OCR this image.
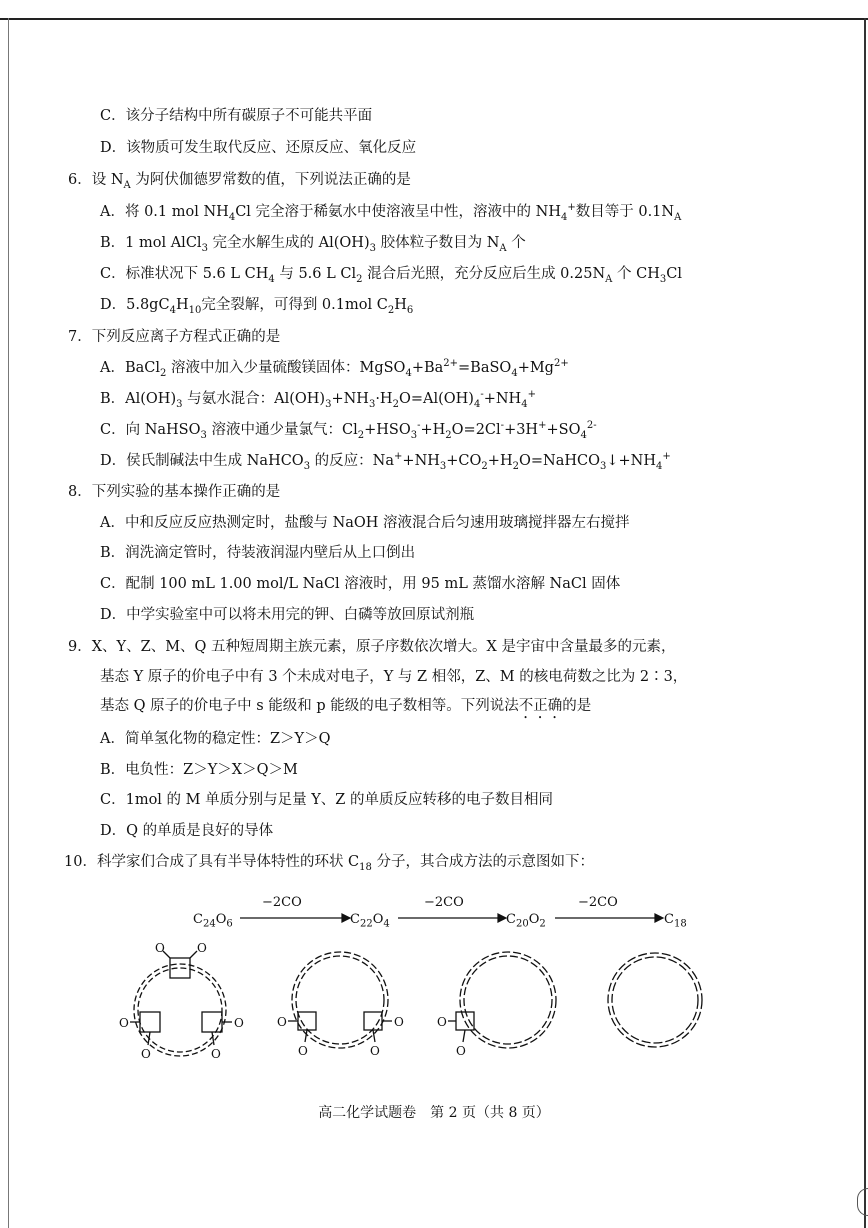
C．该分子结构中所有碳原子不可能共平面
D．该物质可发生取代反应、还原反应、氧化反应
6．设 $N_A$ 为阿伏伽德罗常数的值，下列说法正确的是
A．将 0.1 mol $NH_4Cl$ 完全溶于稀氨水中使溶液呈中性，溶液中的 $NH_4^+$数目等于 $0.1N_A$
B．1 mol AlCl$_3$ 完全水解生成的 $Al(OH)_3$ 胶体粒子数目为 $N_A$ 个
C．标准状况下 5.6 L $CH_4$ 与 5.6 L $Cl_2$ 混合后光照，充分反应后生成 $0.25N_A$ 个 $CH_3Cl$
D．$5.8gC_4H_{10}$完全裂解，可得到 0.1mol $C_2H_6$
7．下列反应离子方程式正确的是
A．BaCl$_2$ 溶液中加入少量硫酸镁固体：$MgSO_4+Ba^{2+}=BaSO_4+Mg^{2+}$
B．$Al(OH)_3$ 与氨水混合：$Al(OH)_3+NH_3\cdot H_2O=Al(OH)_4^-+NH_4^+$
C．向 NaHSO$_3$ 溶液中通少量氯气：$Cl_2+HSO_3^-+H_2O=2Cl^-+3H^++SO_4^{2-}$
D．侯氏制碱法中生成 NaHCO$_3$ 的反应：$Na^++NH_3+CO_2+H_2O=NaHCO_3↓+NH_4^+$
8．下列实验的基本操作正确的是
A．中和反应反应热测定时，盐酸与 NaOH 溶液混合后匀速用玻璃搅拌器左右搅拌
B．润洗滴定管时，待装液润湿内壁后从上口倒出
C．配制 100 mL 1.00 mol/L NaCl 溶液时，用 95 mL 蒸馏水溶解 NaCl 固体
D．中学实验室中可以将未用完的钾、白磷等放回原试剂瓶
9．X、Y、Z、M、Q 五种短周期主族元素，原子序数依次增大。X 是宇宙中含量最多的元素，
基态 Y 原子的价电子中有 3 个未成对电子，Y 与 Z 相邻，Z、M 的核电荷数之比为 2∶3，
基态 Q 原子的价电子中 s 能级和 p 能级的电子数相等。下列说法不正确的是
A．简单氢化物的稳定性：Z＞Y＞Q
B．电负性：Z＞Y＞X＞Q＞M
C．1mol 的 M 单质分别与足量 Y、Z 的单质反应转移的电子数目相同
D．Q 的单质是良好的导体
10．科学家们合成了具有半导体特性的环状 $C_{18}$ 分子，其合成方法的示意图如下：
$C_{24}O_6$	$C_{22}O_4$	$C_{20}O_2$	$C_{18}$
−2CO	−2CO	−2CO
O	O
O
O
O
O
O
O
O
O
O
O
高二化学试题卷　第 2 页（共 8 页）
